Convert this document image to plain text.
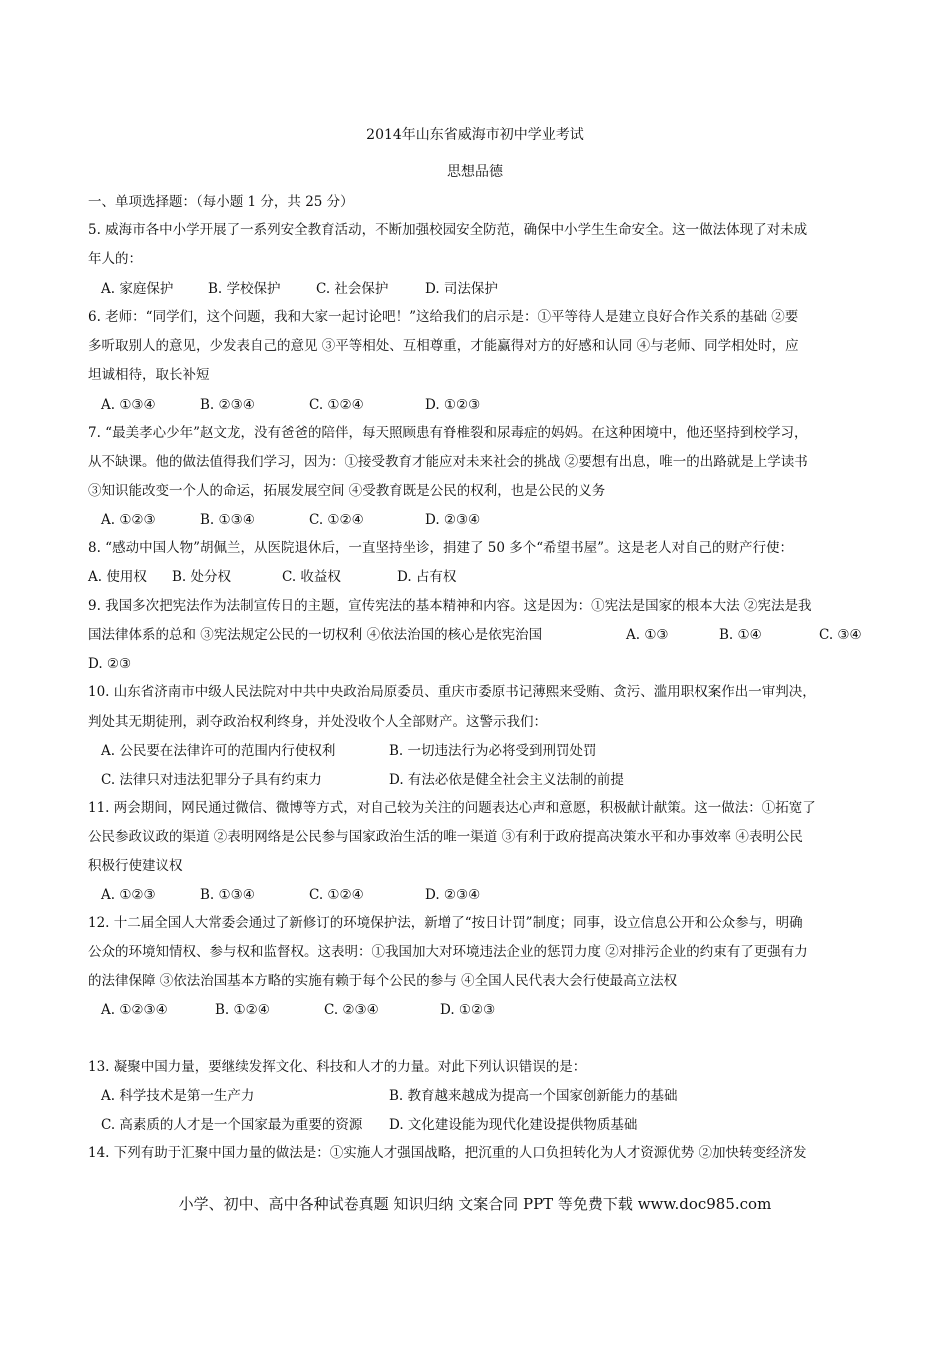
2014年山东省威海市初中学业考试
思想品德
一、单项选择题：（每小题 1 分，共 25 分）
5. 威海市各中小学开展了一系列安全教育活动，不断加强校园安全防范，确保中小学生生命安全。这一做法体现了对未成
年人的：
A. 家庭保护	B. 学校保护	C. 社会保护	D. 司法保护
6. 老师：“同学们，这个问题，我和大家一起讨论吧！”这给我们的启示是：①平等待人是建立良好合作关系的基础 ②要
多听取别人的意见，少发表自己的意见 ③平等相处、互相尊重，才能赢得对方的好感和认同 ④与老师、同学相处时，应
坦诚相待，取长补短
A. ①③④	B. ②③④	C. ①②④	D. ①②③
7. “最美孝心少年”赵文龙，没有爸爸的陪伴，每天照顾患有脊椎裂和尿毒症的妈妈。在这种困境中，他还坚持到校学习，
从不缺课。他的做法值得我们学习，因为：①接受教育才能应对未来社会的挑战 ②要想有出息，唯一的出路就是上学读书
③知识能改变一个人的命运，拓展发展空间 ④受教育既是公民的权利，也是公民的义务
A. ①②③	B. ①③④	C. ①②④	D. ②③④
8. “感动中国人物”胡佩兰，从医院退休后，一直坚持坐诊，捐建了 50 多个“希望书屋”。这是老人对自己的财产行使：
A. 使用权 B. 处分权	C. 收益权	D. 占有权
9. 我国多次把宪法作为法制宣传日的主题，宣传宪法的基本精神和内容。这是因为：①宪法是国家的根本大法 ②宪法是我
国法律体系的总和 ③宪法规定公民的一切权利 ④依法治国的核心是依宪治国	A. ①③	B. ①④	C. ③④
D. ②③
10. 山东省济南市中级人民法院对中共中央政治局原委员、重庆市委原书记薄熙来受贿、贪污、滥用职权案作出一审判决，
判处其无期徒刑，剥夺政治权利终身，并处没收个人全部财产。这警示我们：
A. 公民要在法律许可的范围内行使权利	B. 一切违法行为必将受到刑罚处罚
C. 法律只对违法犯罪分子具有约束力	D. 有法必依是健全社会主义法制的前提
11. 两会期间，网民通过微信、微博等方式，对自己较为关注的问题表达心声和意愿，积极献计献策。这一做法：①拓宽了
公民参政议政的渠道 ②表明网络是公民参与国家政治生活的唯一渠道 ③有利于政府提高决策水平和办事效率 ④表明公民
积极行使建议权
A. ①②③	B. ①③④	C. ①②④	D. ②③④
12. 十二届全国人大常委会通过了新修订的环境保护法，新增了“按日计罚”制度；同事，设立信息公开和公众参与，明确
公众的环境知情权、参与权和监督权。这表明：①我国加大对环境违法企业的惩罚力度 ②对排污企业的约束有了更强有力
的法律保障 ③依法治国基本方略的实施有赖于每个公民的参与 ④全国人民代表大会行使最高立法权
A. ①②③④	B. ①②④	C. ②③④	D. ①②③
13. 凝聚中国力量，要继续发挥文化、科技和人才的力量。对此下列认识错误的是：
A. 科学技术是第一生产力	B. 教育越来越成为提高一个国家创新能力的基础
C. 高素质的人才是一个国家最为重要的资源 D. 文化建设能为现代化建设提供物质基础
14. 下列有助于汇聚中国力量的做法是：①实施人才强国战略，把沉重的人口负担转化为人才资源优势 ②加快转变经济发
小学、初中、高中各种试卷真题 知识归纳 文案合同 PPT 等免费下载 www.doc985.com
